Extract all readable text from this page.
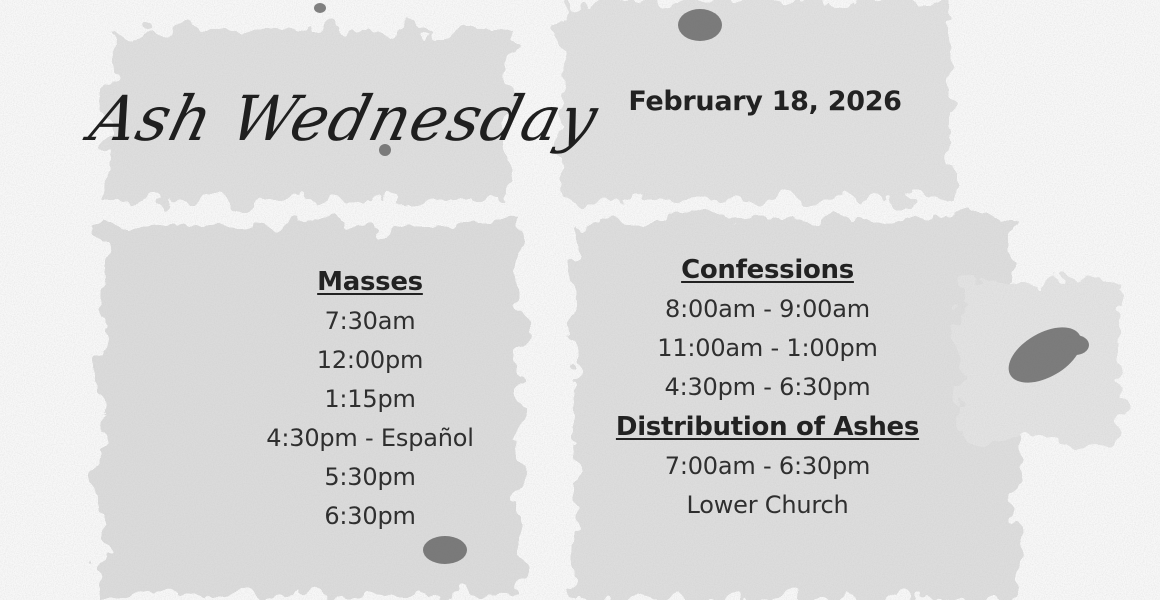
Ash Wednesday February 18, 2026
Masses
7:30am
12:00pm
1:15pm
4:30pm - Español
5:30pm
6:30pm
Confessions
8:00am - 9:00am
11:00am - 1:00pm
4:30pm - 6:30pm
Distribution of Ashes
7:00am - 6:30pm
Lower Church
